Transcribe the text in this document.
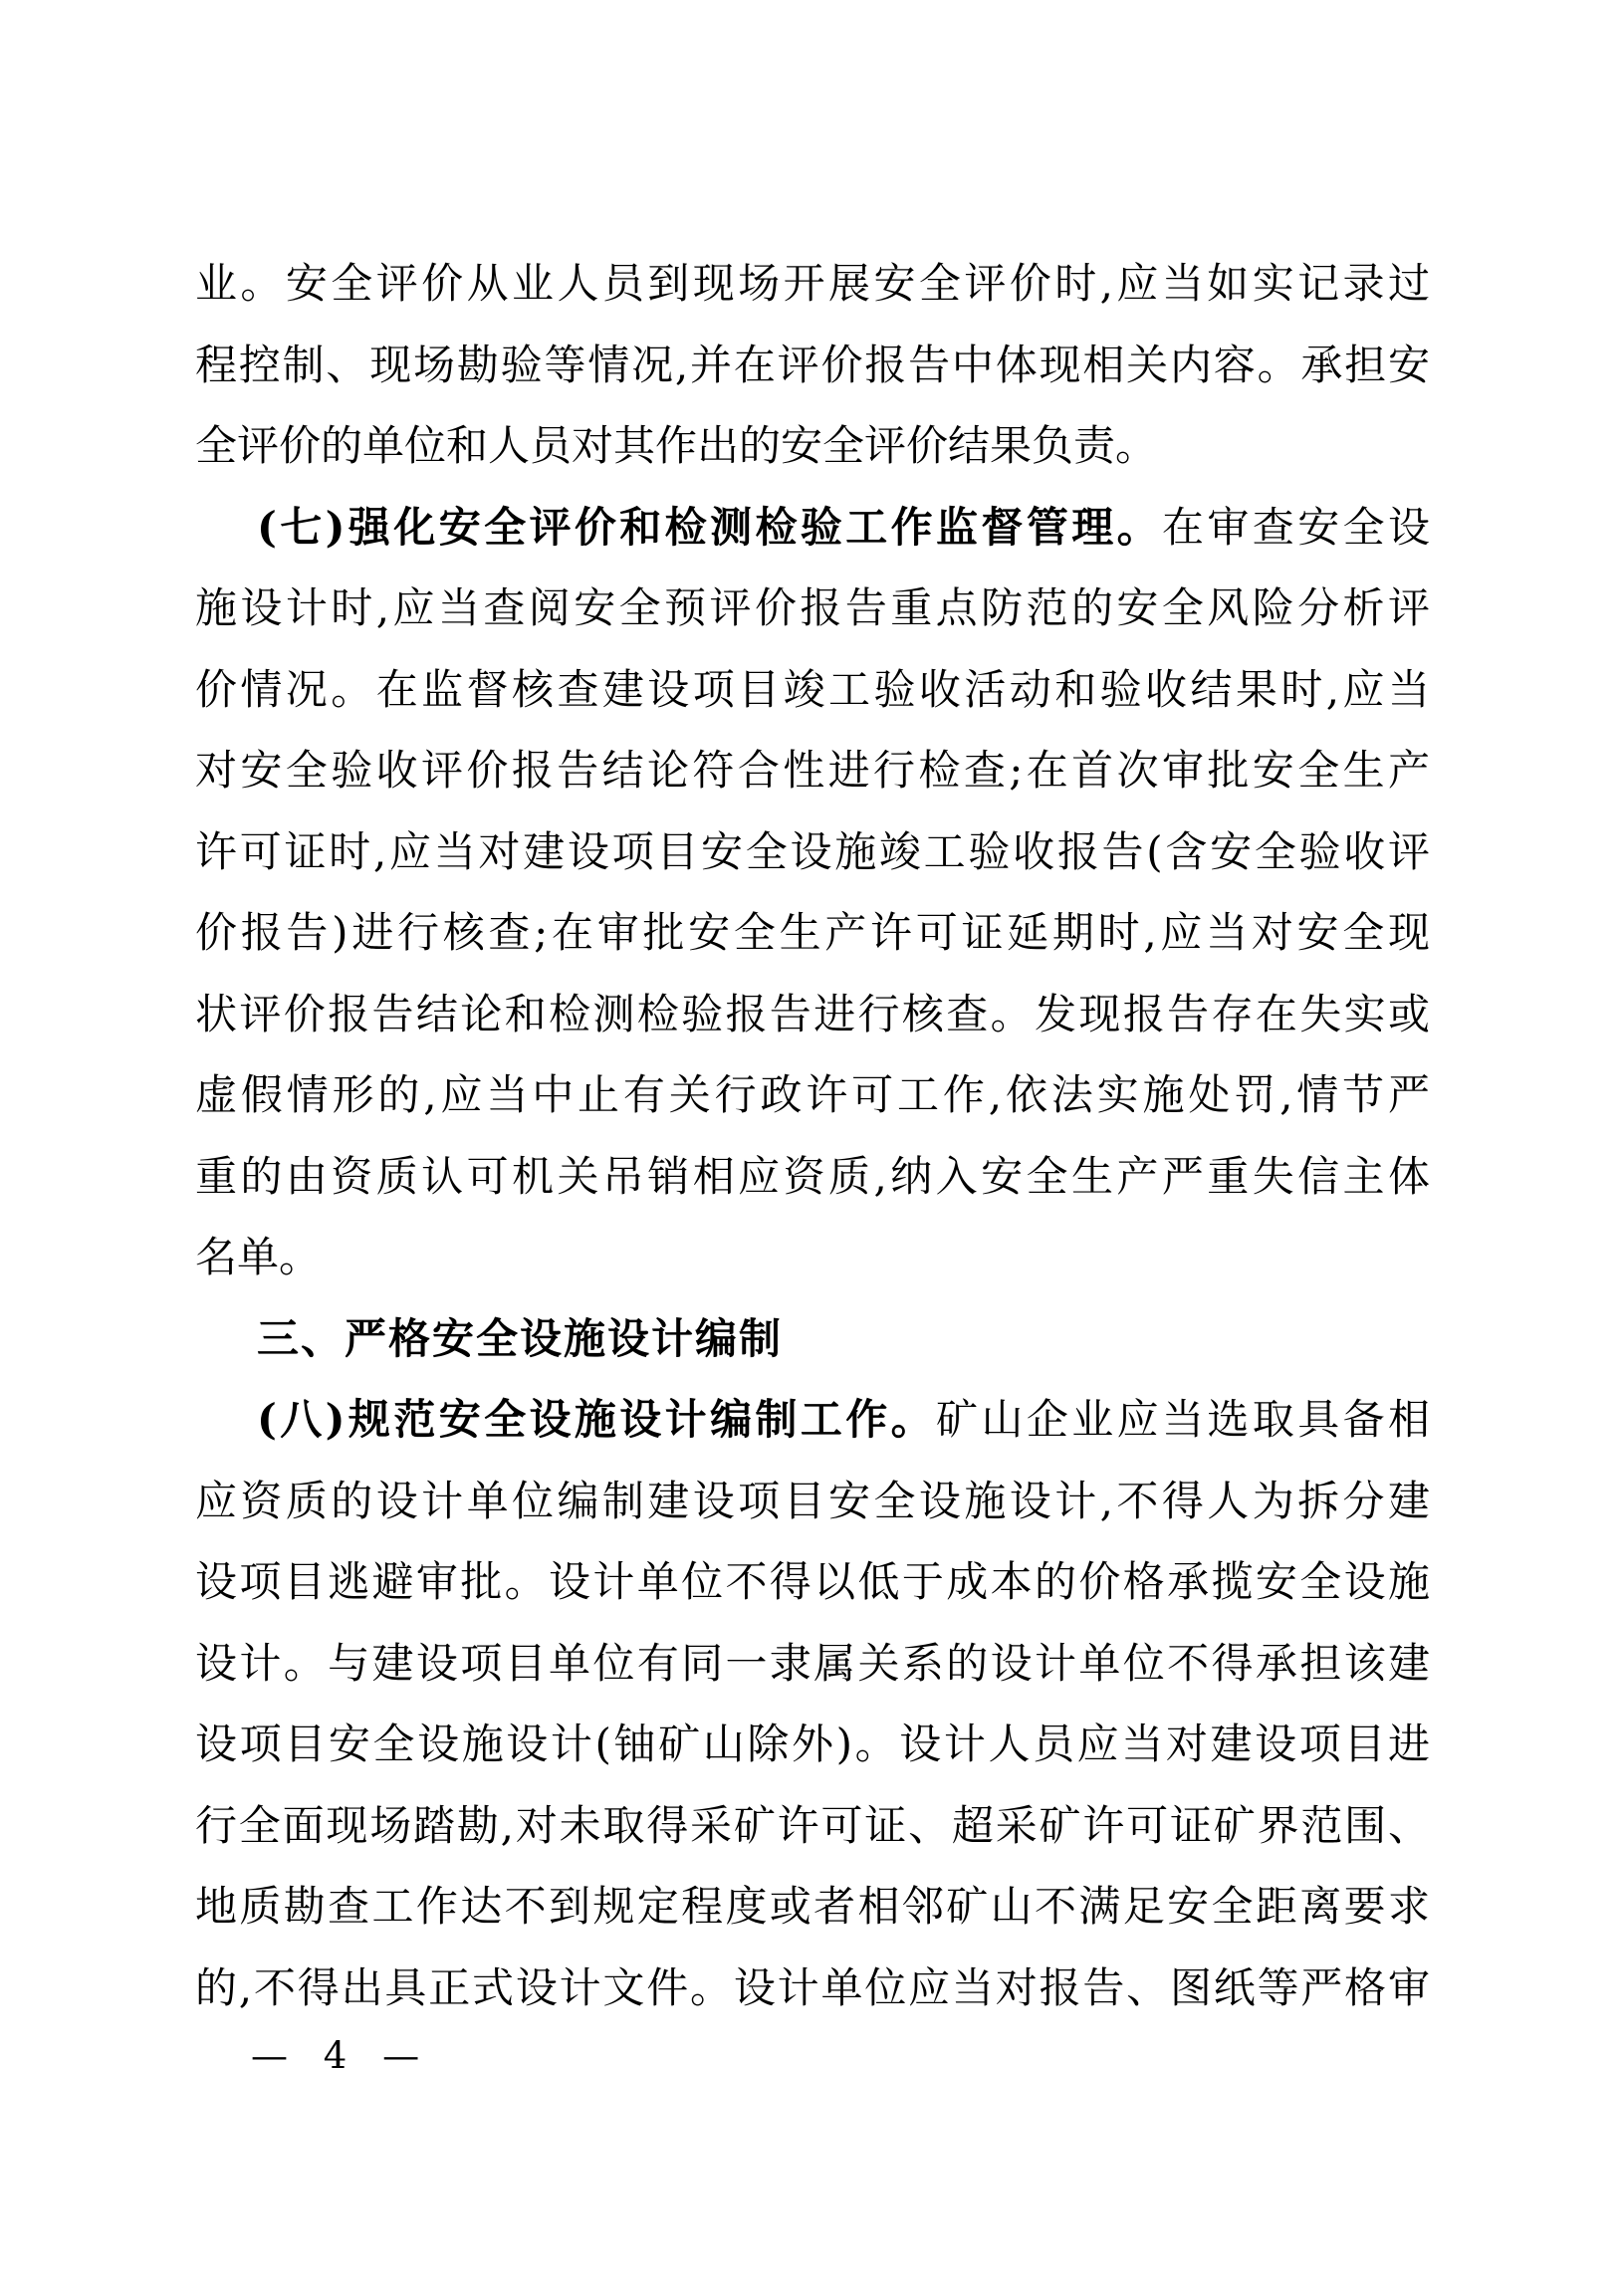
业。安全评价从业人员到现场开展安全评价时,应当如实记录过
程控制、现场勘验等情况,并在评价报告中体现相关内容。承担安
全评价的单位和人员对其作出的安全评价结果负责。
(七)强化安全评价和检测检验工作监督管理。在审查安全设
施设计时,应当查阅安全预评价报告重点防范的安全风险分析评
价情况。在监督核查建设项目竣工验收活动和验收结果时,应当
对安全验收评价报告结论符合性进行检查;在首次审批安全生产
许可证时,应当对建设项目安全设施竣工验收报告(含安全验收评
价报告)进行核查;在审批安全生产许可证延期时,应当对安全现
状评价报告结论和检测检验报告进行核查。发现报告存在失实或
虚假情形的,应当中止有关行政许可工作,依法实施处罚,情节严
重的由资质认可机关吊销相应资质,纳入安全生产严重失信主体
名单。
三、严格安全设施设计编制
(八)规范安全设施设计编制工作。矿山企业应当选取具备相
应资质的设计单位编制建设项目安全设施设计,不得人为拆分建
设项目逃避审批。设计单位不得以低于成本的价格承揽安全设施
设计。与建设项目单位有同一隶属关系的设计单位不得承担该建
设项目安全设施设计(铀矿山除外)。设计人员应当对建设项目进
行全面现场踏勘,对未取得采矿许可证、超采矿许可证矿界范围、
地质勘查工作达不到规定程度或者相邻矿山不满足安全距离要求
的,不得出具正式设计文件。设计单位应当对报告、图纸等严格审
— 4 —
